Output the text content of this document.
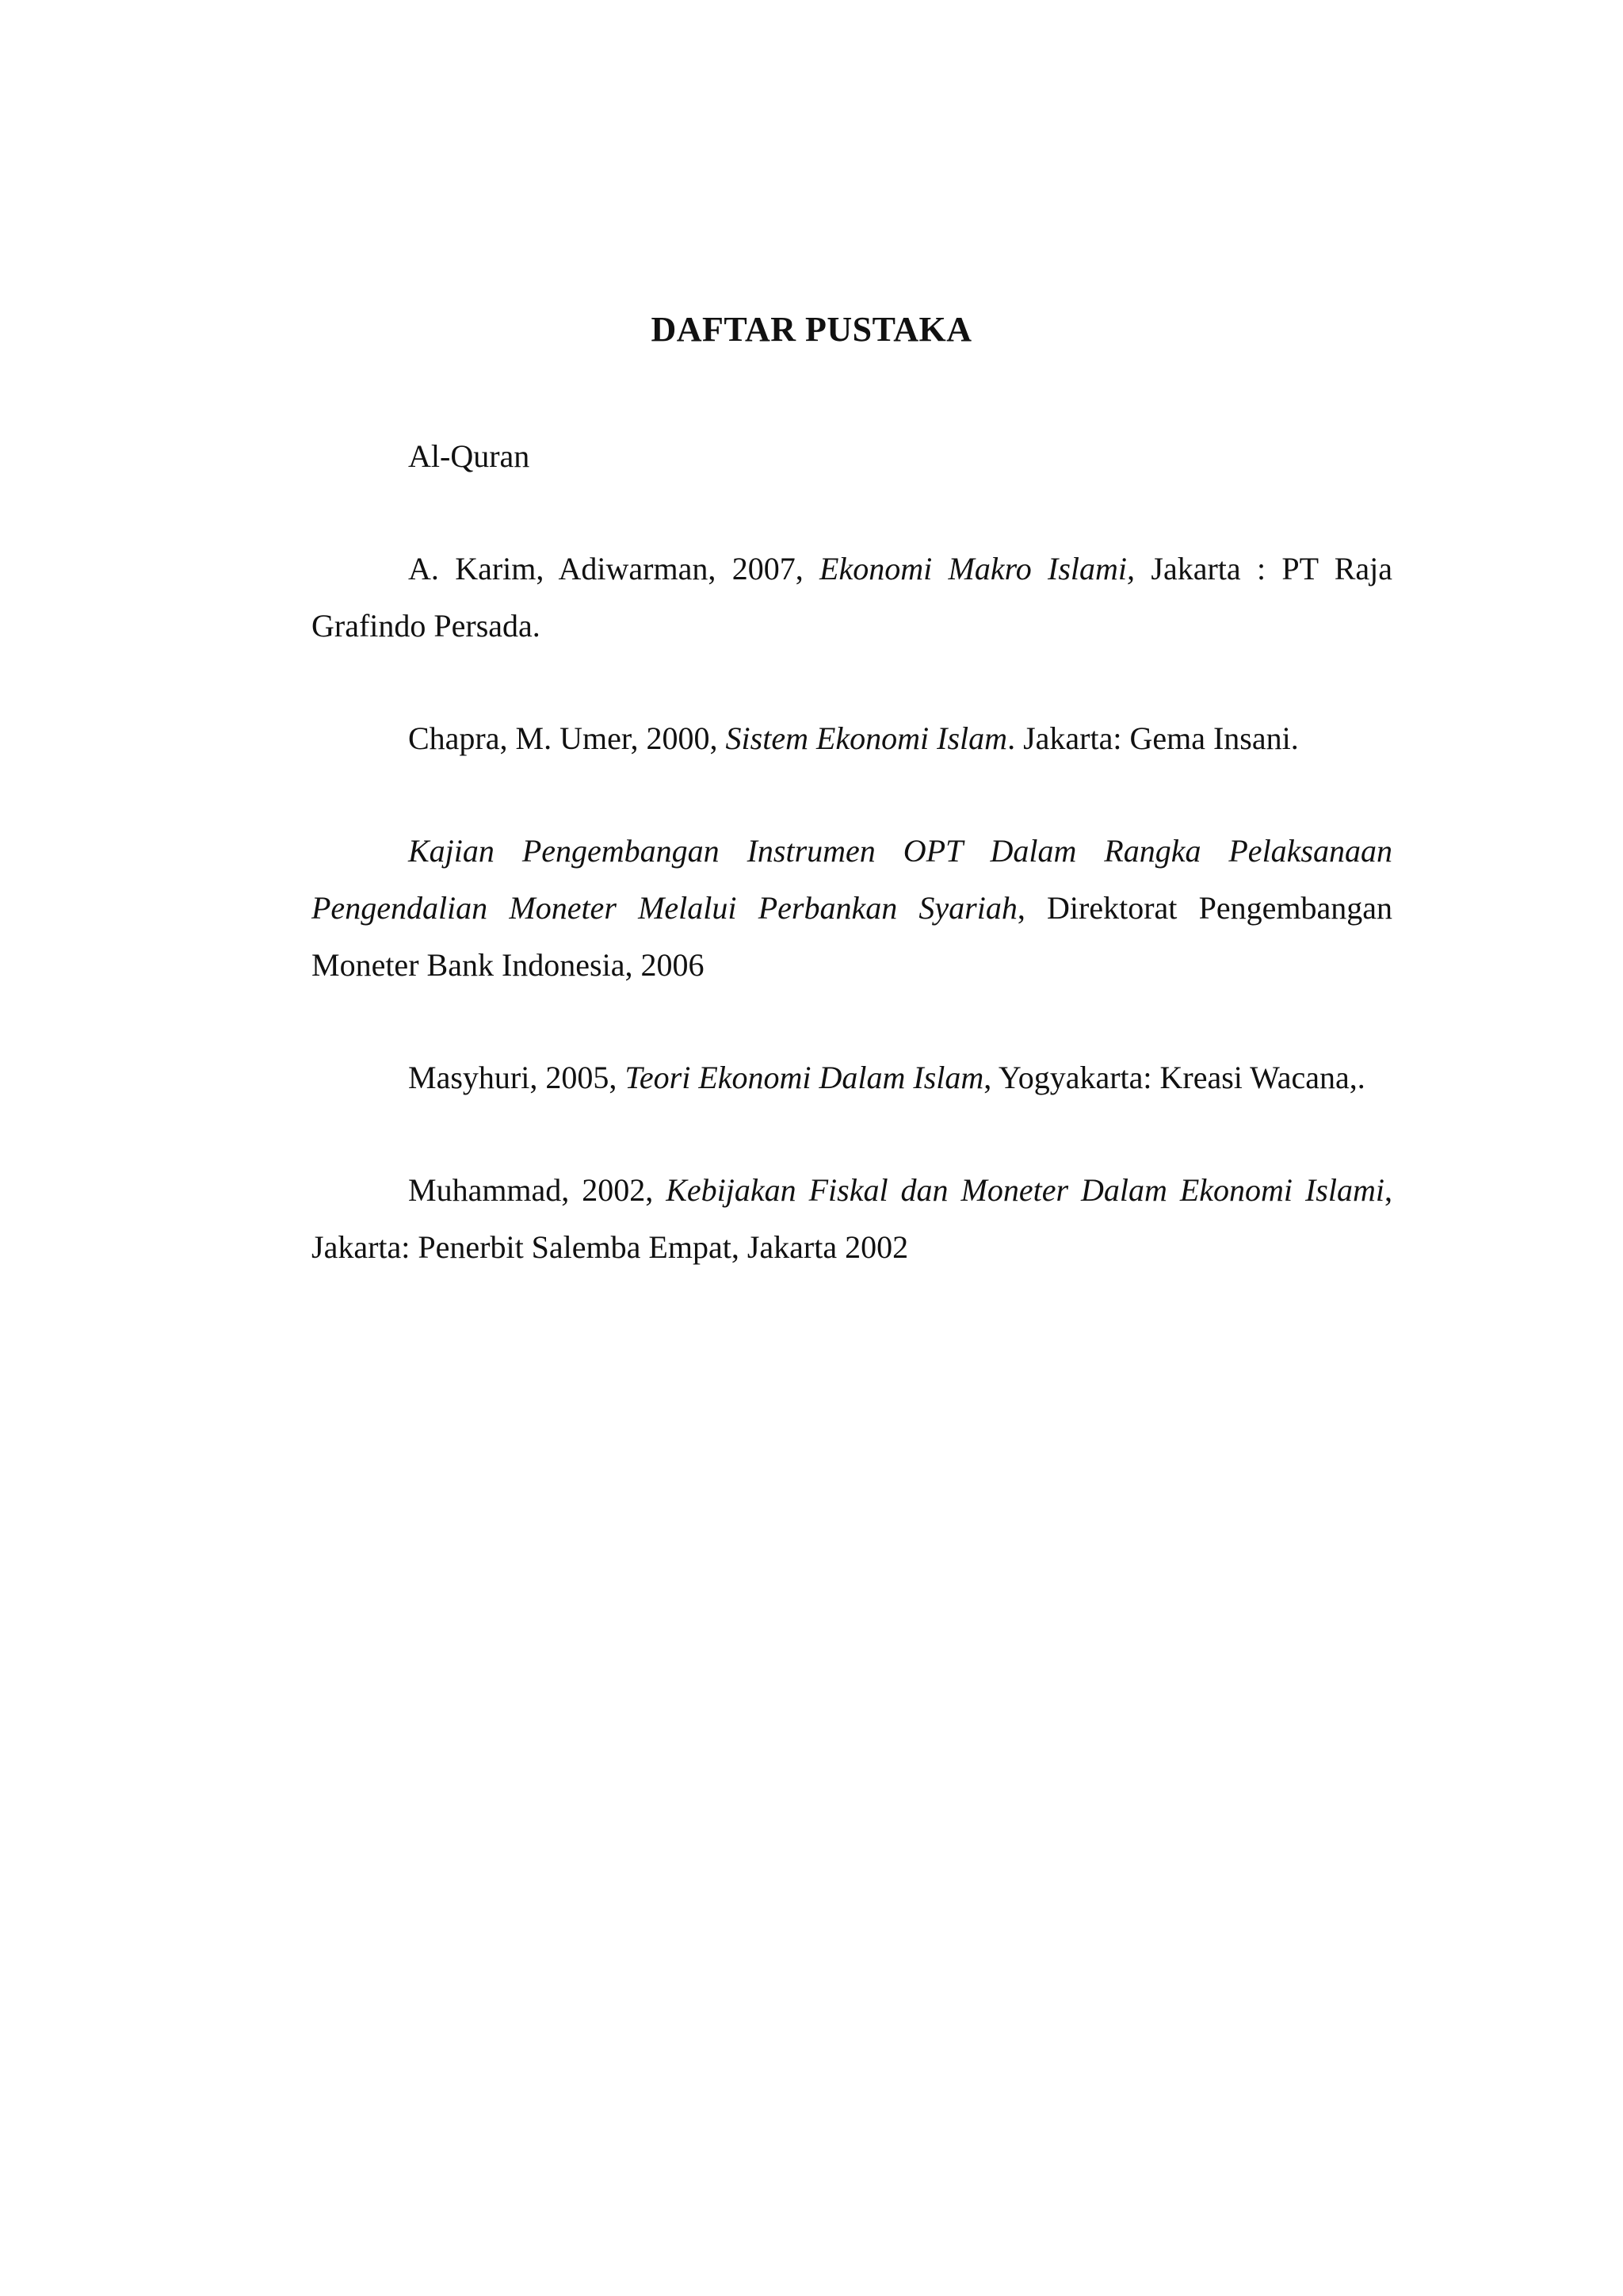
DAFTAR PUSTAKA
Al-Quran
A. Karim, Adiwarman, 2007, Ekonomi Makro Islami, Jakarta : PT Raja Grafindo Persada.
Chapra, M. Umer, 2000, Sistem Ekonomi Islam. Jakarta: Gema Insani.
Kajian Pengembangan Instrumen OPT Dalam Rangka Pelaksanaan Pengendalian Moneter Melalui Perbankan Syariah, Direktorat Pengembangan Moneter Bank Indonesia, 2006
Masyhuri, 2005, Teori Ekonomi Dalam Islam, Yogyakarta: Kreasi Wacana,.
Muhammad, 2002, Kebijakan Fiskal dan Moneter Dalam Ekonomi Islami, Jakarta: Penerbit Salemba Empat, Jakarta 2002
